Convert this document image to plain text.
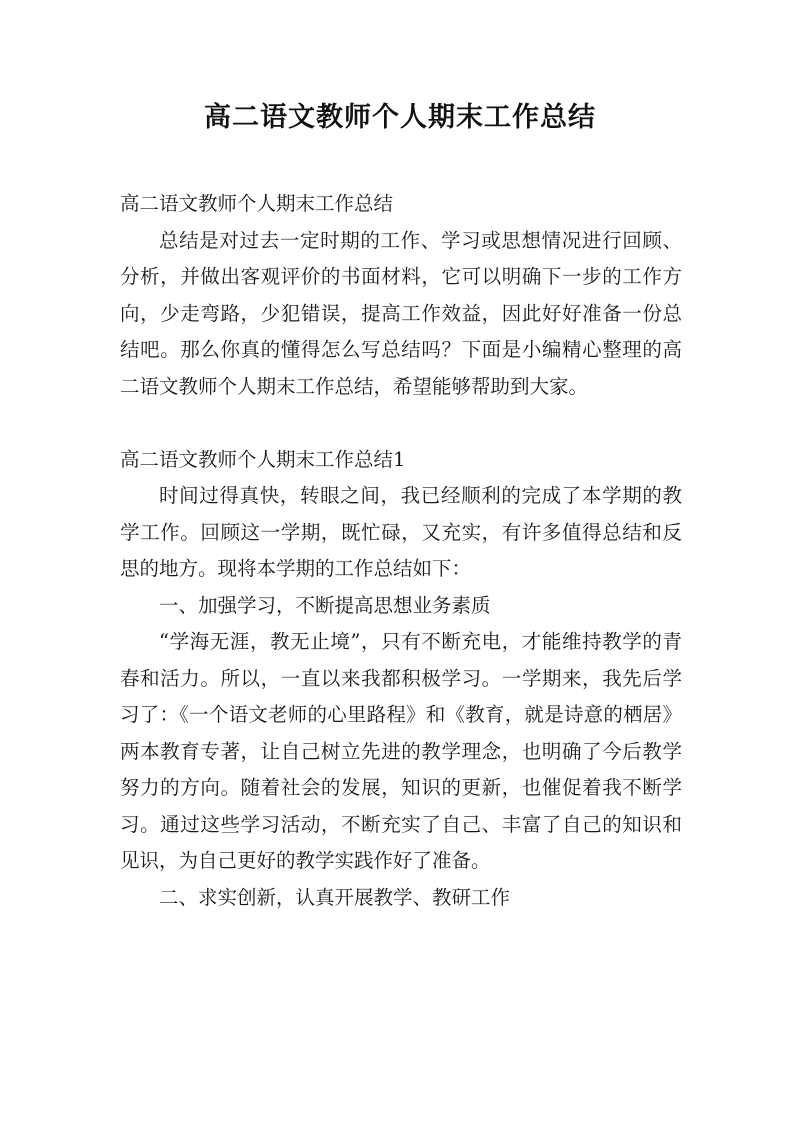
高二语文教师个人期末工作总结

高二语文教师个人期末工作总结

总结是对过去一定时期的工作、学习或思想情况进行回顾、分析，并做出客观评价的书面材料，它可以明确下一步的工作方向，少走弯路，少犯错误，提高工作效益，因此好好准备一份总结吧。那么你真的懂得怎么写总结吗？下面是小编精心整理的高二语文教师个人期末工作总结，希望能够帮助到大家。

高二语文教师个人期末工作总结1

时间过得真快，转眼之间，我已经顺利的完成了本学期的教学工作。回顾这一学期，既忙碌，又充实，有许多值得总结和反思的地方。现将本学期的工作总结如下：

一、加强学习，不断提高思想业务素质

“学海无涯，教无止境”，只有不断充电，才能维持教学的青春和活力。所以，一直以来我都积极学习。一学期来，我先后学习了：《一个语文老师的心里路程》和《教育，就是诗意的栖居》两本教育专著，让自己树立先进的教学理念，也明确了今后教学努力的方向。随着社会的发展，知识的更新，也催促着我不断学习。通过这些学习活动，不断充实了自己、丰富了自己的知识和见识，为自己更好的教学实践作好了准备。

二、求实创新，认真开展教学、教研工作
